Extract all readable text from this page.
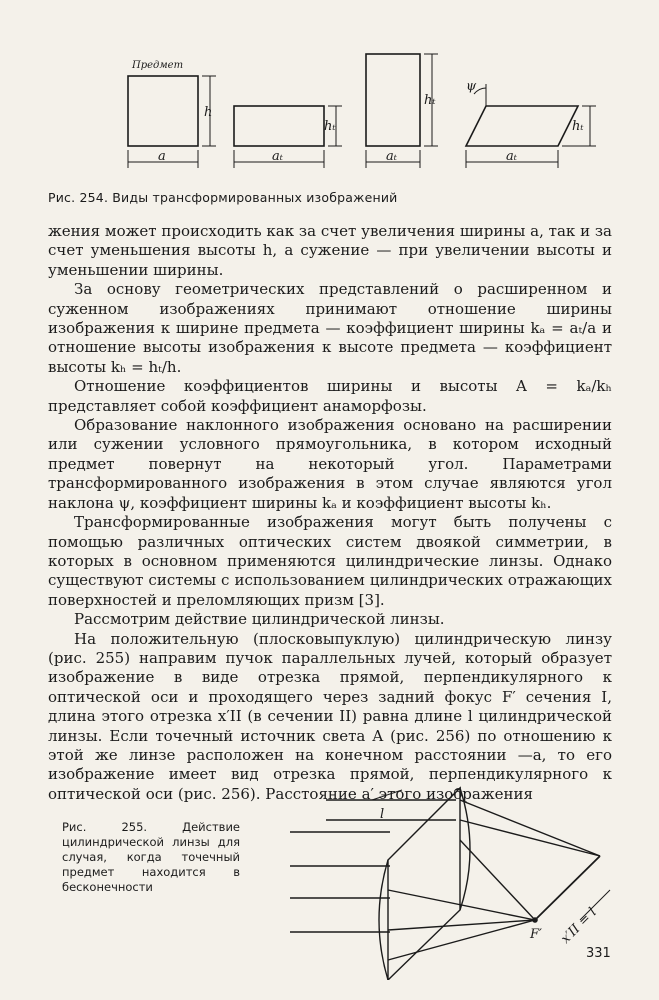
Предмет
a
h
aₜ
hₜ
aₜ
hₜ
aₜ
hₜ
ψ
Рис. 254. Виды трансформированных изображений

жения может происходить как за счет увеличения ширины a, так и за счет уменьшения высоты h, а сужение — при увеличении высоты и уменьшении ширины.

За основу геометрических представлений о расширенном и суженном изображениях принимают отношение ширины изображения к ширине предмета — коэффициент ширины kₐ = aₜ/a и отношение высоты изображения к высоте предмета — коэффициент высоты kₕ = hₜ/h.

Отношение коэффициентов ширины и высоты A = kₐ/kₕ представляет собой коэффициент анаморфозы.

Образование наклонного изображения основано на расширении или сужении условного прямоугольника, в котором исходный предмет повернут на некоторый угол. Параметрами трансформированного изображения в этом случае являются угол наклона ψ, коэффициент ширины kₐ и коэффициент высоты kₕ.

Трансформированные изображения могут быть получены с помощью различных оптических систем двоякой симметрии, в которых в основном применяются цилиндрические линзы. Однако существуют системы с использованием цилиндрических отражающих поверхностей и преломляющих призм [3].

Рассмотрим действие цилиндрической линзы.

На положительную (плосковыпуклую) цилиндрическую линзу (рис. 255) направим пучок параллельных лучей, который образует изображение в виде отрезка прямой, перпендикулярного к оптической оси и проходящего через задний фокус F′ сечения I, длина этого отрезка x′II (в сечении II) равна длине l цилиндрической линзы. Если точечный источник света A (рис. 256) по отношению к этой же линзе расположен на конечном расстоянии —a, то его изображение имеет вид отрезка прямой, перпендикулярного к оптической оси (рис. 256). Расстояние a′ этого изображения

Рис. 255. Действие цилиндрической линзы для случая, когда точечный предмет находится в бесконечности
l
F′ x′II = l
331
